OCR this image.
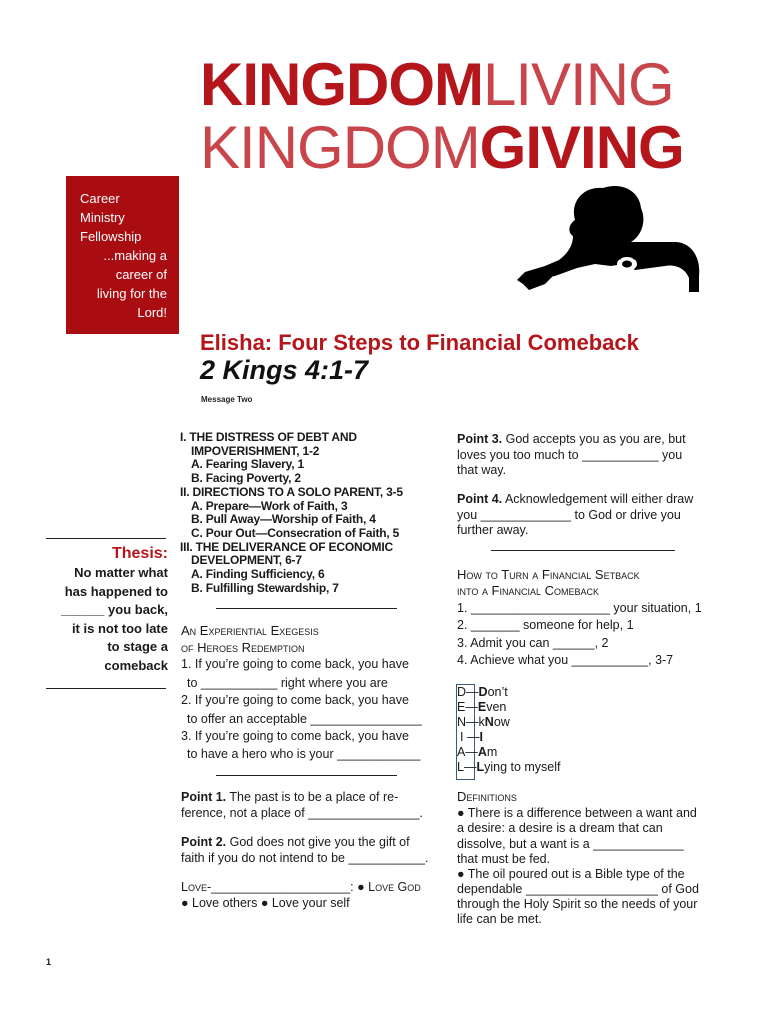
KINGDOMLIVING
KINGDOMGIVING
Career
Ministry
Fellowship
...making a
career of
living for the
Lord!
Elisha: Four Steps to Financial Comeback
2 Kings 4:1-7
Message Two
I. THE DISTRESS OF DEBT AND
IMPOVERISHMENT, 1-2
A. Fearing Slavery, 1
B. Facing Poverty, 2
II. DIRECTIONS TO A SOLO PARENT, 3-5
A. Prepare—Work of Faith, 3
B. Pull Away—Worship of Faith, 4
C. Pour Out—Consecration of Faith, 5
III. THE DELIVERANCE OF ECONOMIC
DEVELOPMENT, 6-7
A. Finding Sufficiency, 6
B. Fulfilling Stewardship, 7
Thesis:
No matter what
has happened to
______ you back,
it is not too late
to stage a
comeback
An Experiential Exegesis
of Heroes Redemption
1. If you’re going to come back, you have
to ___________ right where you are
2. If you’re going to come back, you have
to offer an acceptable ________________
3. If you’re going to come back, you have
to have a hero who is your ____________
Point 1. The past is to be a place of re-
ference, not a place of ________________.
Point 2. God does not give you the gift of
faith if you do not intend to be ___________.
Love-____________________: ● Love God
● Love others ● Love your self
Point 3. God accepts you as you are, but
loves you too much to ___________ you
that way.
Point 4. Acknowledgement will either draw
you _____________ to God or drive you
further away.
How to Turn a Financial Setback
into a Financial Comeback
1. ____________________ your situation, 1
2. _______ someone for help, 1
3. Admit you can ______, 2
4. Achieve what you ___________, 3-7
D—Don’t
E—Even
N—kNow
I —I
A—Am
L—Lying to myself
Definitions
● There is a difference between a want and
a desire: a desire is a dream that can
dissolve, but a want is a _____________
that must be fed.
● The oil poured out is a Bible type of the
dependable ___________________ of God
through the Holy Spirit so the needs of your
life can be met.
1
